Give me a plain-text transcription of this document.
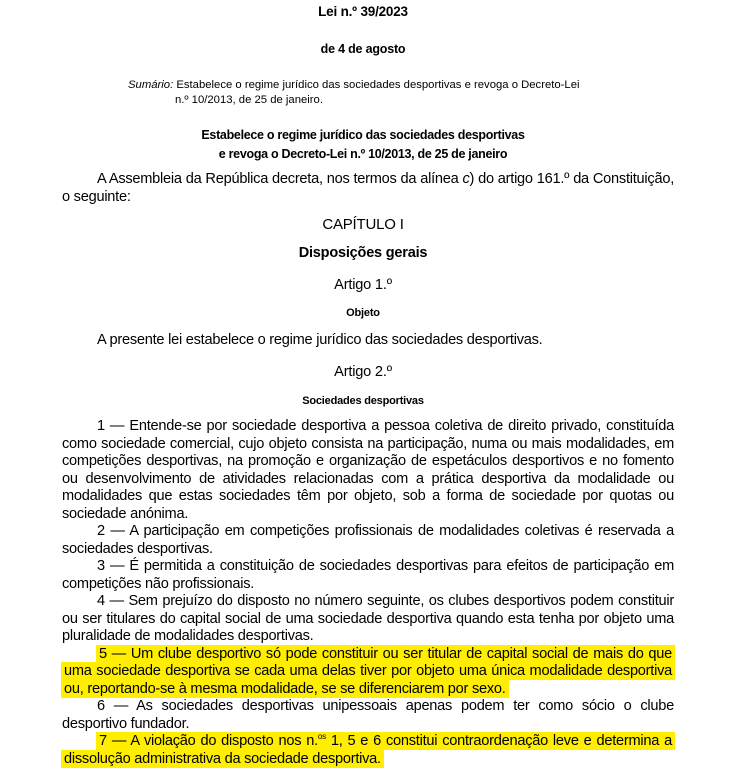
Lei n.º 39/2023
de 4 de agosto
Sumário: Estabelece o regime jurídico das sociedades desportivas e revoga o Decreto-Lei
n.º 10/2013, de 25 de janeiro.
Estabelece o regime jurídico das sociedades desportivas
e revoga o Decreto-Lei n.º 10/2013, de 25 de janeiro

A Assembleia da República decreta, nos termos da alínea c) do artigo 161.º da Constituição, o seguinte:

CAPÍTULO I
Disposições gerais
Artigo 1.º
Objeto
A presente lei estabelece o regime jurídico das sociedades desportivas.
Artigo 2.º
Sociedades desportivas

1 — Entende-se por sociedade desportiva a pessoa coletiva de direito privado, constituída como sociedade comercial, cujo objeto consista na participação, numa ou mais modalidades, em competições desportivas, na promoção e organização de espetáculos desportivos e no fomento ou desenvolvimento de atividades relacionadas com a prática desportiva da modalidade ou modalidades que estas sociedades têm por objeto, sob a forma de sociedade por quotas ou sociedade anónima.

2 — A participação em competições profissionais de modalidades coletivas é reservada a sociedades desportivas.

3 — É permitida a constituição de sociedades desportivas para efeitos de participação em competições não profissionais.

4 — Sem prejuízo do disposto no número seguinte, os clubes desportivos podem constituir ou ser titulares do capital social de uma sociedade desportiva quando esta tenha por objeto uma pluralidade de modalidades desportivas.

5 — Um clube desportivo só pode constituir ou ser titular de capital social de mais do que uma sociedade desportiva se cada uma delas tiver por objeto uma única modalidade desportiva ou, reportando-se à mesma modalidade, se se diferenciarem por sexo.

6 — As sociedades desportivas unipessoais apenas podem ter como sócio o clube desportivo fundador.

7 — A violação do disposto nos n.$^{os}$ 1, 5 e 6 constitui contraordenação leve e determina a dissolução administrativa da sociedade desportiva.
